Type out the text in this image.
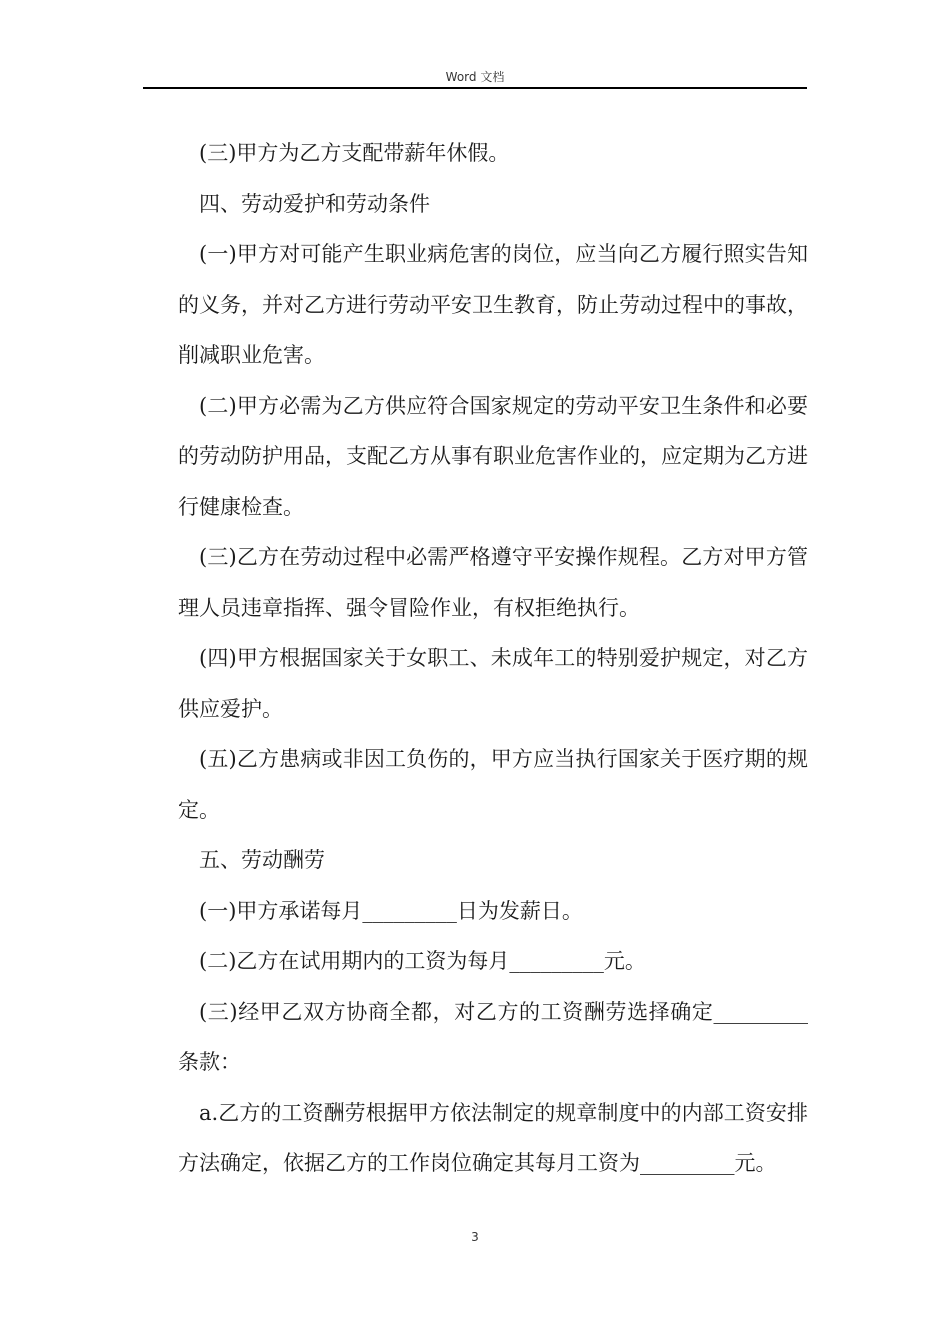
Word 文档

(三)甲方为乙方支配带薪年休假。

四、劳动爱护和劳动条件

(一)甲方对可能产生职业病危害的岗位，应当向乙方履行照实告知的义务，并对乙方进行劳动平安卫生教育，防止劳动过程中的事故，削减职业危害。

(二)甲方必需为乙方供应符合国家规定的劳动平安卫生条件和必要的劳动防护用品，支配乙方从事有职业危害作业的，应定期为乙方进行健康检查。

(三)乙方在劳动过程中必需严格遵守平安操作规程。乙方对甲方管理人员违章指挥、强令冒险作业，有权拒绝执行。

(四)甲方根据国家关于女职工、未成年工的特别爱护规定，对乙方供应爱护。

(五)乙方患病或非因工负伤的，甲方应当执行国家关于医疗期的规定。

五、劳动酬劳

(一)甲方承诺每月_________日为发薪日。

(二)乙方在试用期内的工资为每月_________元。

(三)经甲乙双方协商全都，对乙方的工资酬劳选择确定_________条款：

a.乙方的工资酬劳根据甲方依法制定的规章制度中的内部工资安排方法确定，依据乙方的工作岗位确定其每月工资为_________元。

3
